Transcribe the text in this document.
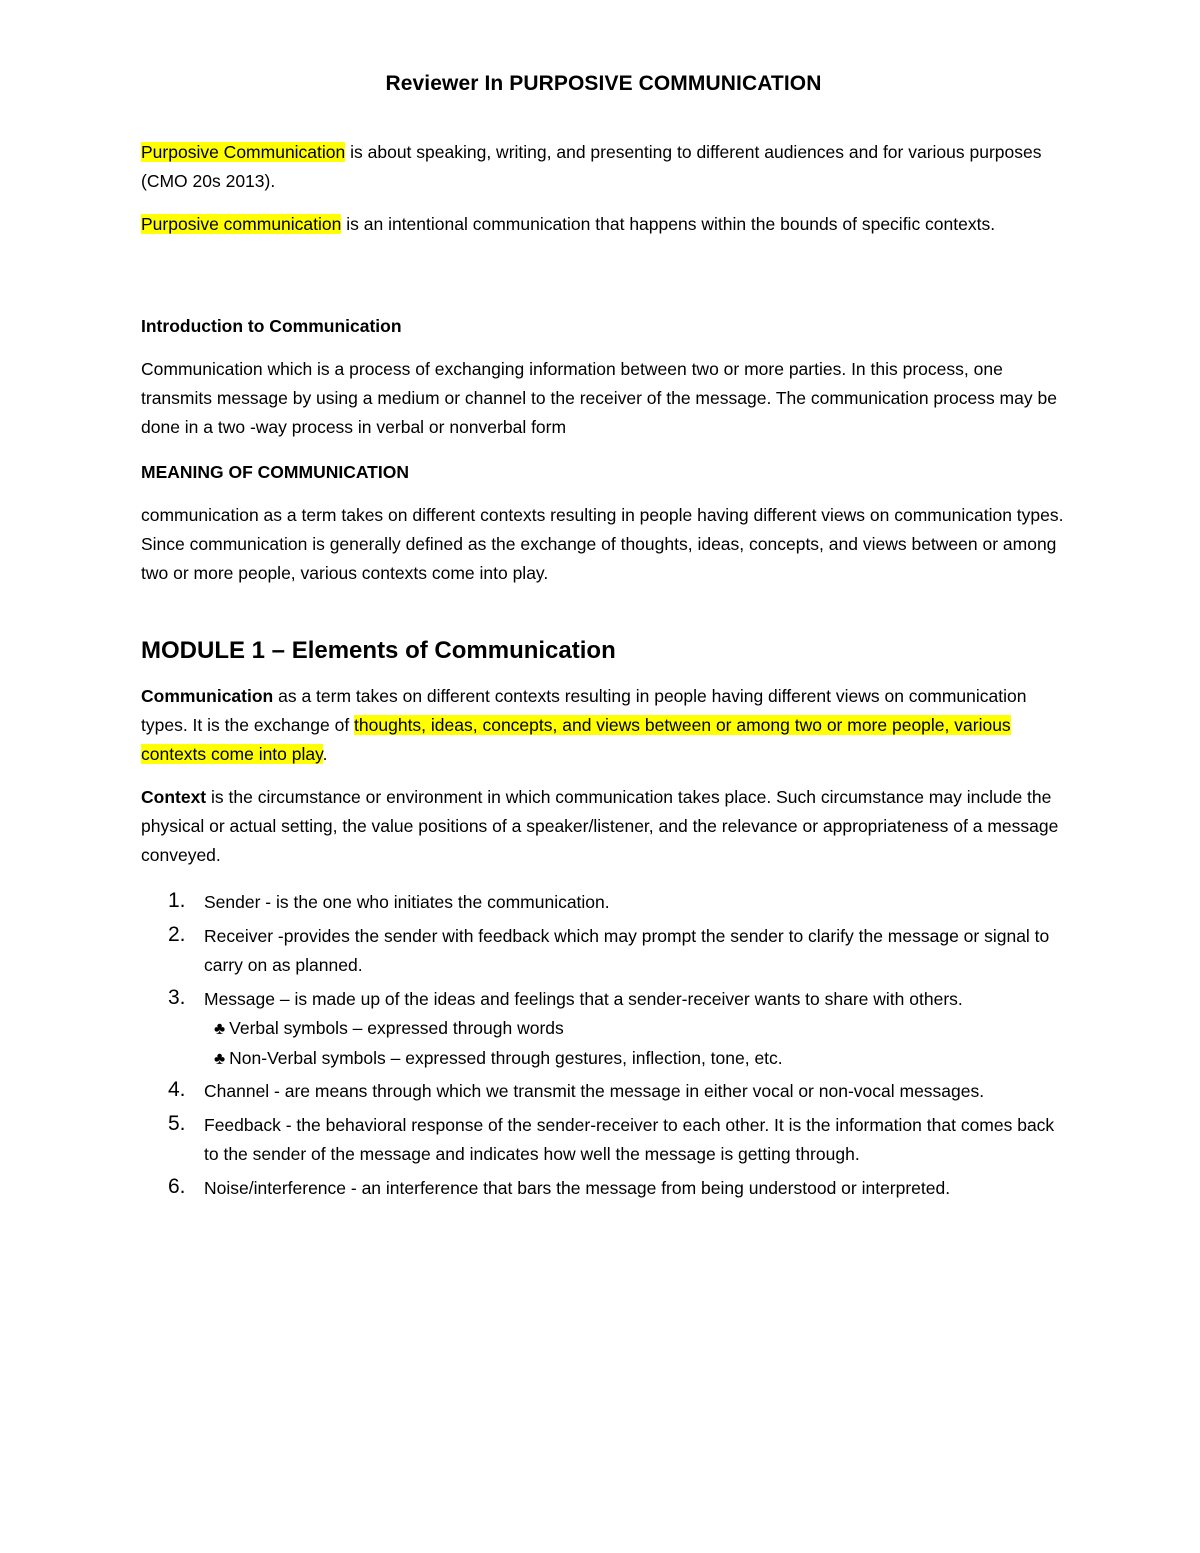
Reviewer In PURPOSIVE COMMUNICATION

Purposive Communication is about speaking, writing, and presenting to different audiences and for various purposes (CMO 20s 2013).

Purposive communication is an intentional communication that happens within the bounds of specific contexts.

Introduction to Communication

Communication which is a process of exchanging information between two or more parties. In this process, one transmits message by using a medium or channel to the receiver of the message. The communication process may be done in a two -way process in verbal or nonverbal form

MEANING OF COMMUNICATION

communication as a term takes on different contexts resulting in people having different views on communication types. Since communication is generally defined as the exchange of thoughts, ideas, concepts, and views between or among two or more people, various contexts come into play.

MODULE 1 – Elements of Communication

Communication as a term takes on different contexts resulting in people having different views on communication types. It is the exchange of thoughts, ideas, concepts, and views between or among two or more people, various contexts come into play.

Context is the circumstance or environment in which communication takes place. Such circumstance may include the physical or actual setting, the value positions of a speaker/listener, and the relevance or appropriateness of a message conveyed.

1. Sender - is the one who initiates the communication.
2. Receiver -provides the sender with feedback which may prompt the sender to clarify the message or signal to carry on as planned.
3. Message – is made up of the ideas and feelings that a sender-receiver wants to share with others.
♣ Verbal symbols – expressed through words
♣ Non-Verbal symbols – expressed through gestures, inflection, tone, etc.
4. Channel - are means through which we transmit the message in either vocal or non-vocal messages.
5. Feedback - the behavioral response of the sender-receiver to each other. It is the information that comes back to the sender of the message and indicates how well the message is getting through.
6. Noise/interference - an interference that bars the message from being understood or interpreted.
